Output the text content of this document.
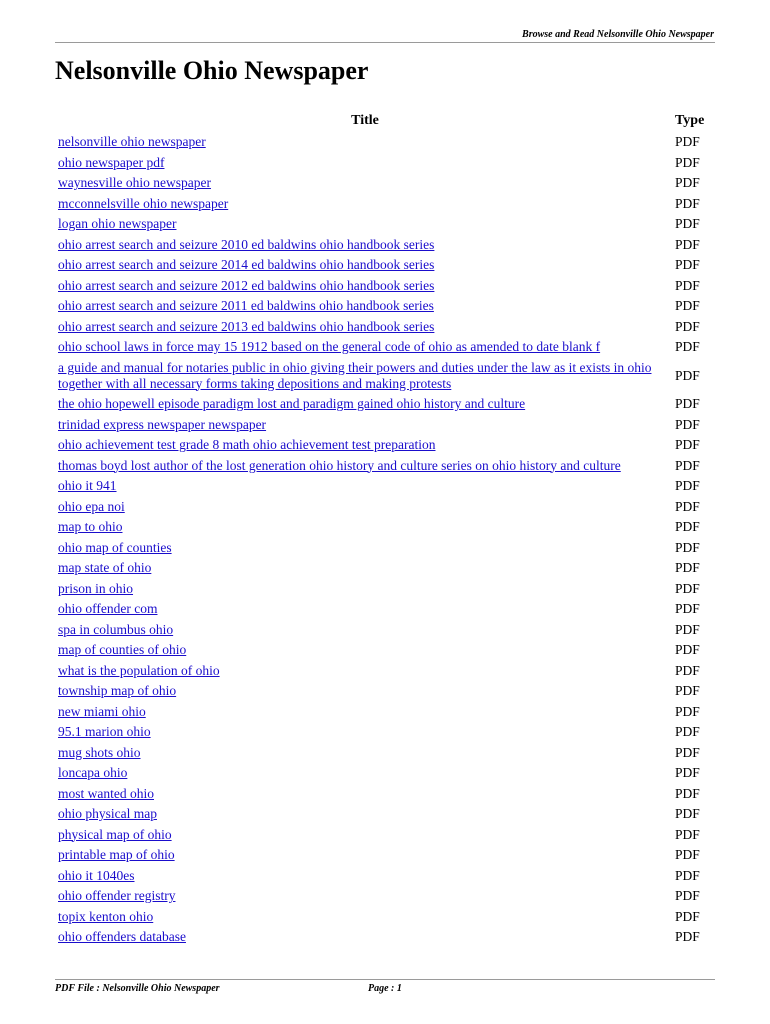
Browse and Read Nelsonville Ohio Newspaper
Nelsonville Ohio Newspaper
Title	Type
nelsonville ohio newspaper	PDF
ohio newspaper pdf	PDF
waynesville ohio newspaper	PDF
mcconnelsville ohio newspaper	PDF
logan ohio newspaper	PDF
ohio arrest search and seizure 2010 ed baldwins ohio handbook series	PDF
ohio arrest search and seizure 2014 ed baldwins ohio handbook series	PDF
ohio arrest search and seizure 2012 ed baldwins ohio handbook series	PDF
ohio arrest search and seizure 2011 ed baldwins ohio handbook series	PDF
ohio arrest search and seizure 2013 ed baldwins ohio handbook series	PDF
ohio school laws in force may 15 1912 based on the general code of ohio as amended to date blank f	PDF
a guide and manual for notaries public in ohio giving their powers and duties under the law as it exists in ohio together with all necessary forms taking depositions and making protests	PDF
the ohio hopewell episode paradigm lost and paradigm gained ohio history and culture	PDF
trinidad express newspaper newspaper	PDF
ohio achievement test grade 8 math ohio achievement test preparation	PDF
thomas boyd lost author of the lost generation ohio history and culture series on ohio history and culture	PDF
ohio it 941	PDF
ohio epa noi	PDF
map to ohio	PDF
ohio map of counties	PDF
map state of ohio	PDF
prison in ohio	PDF
ohio offender com	PDF
spa in columbus ohio	PDF
map of counties of ohio	PDF
what is the population of ohio	PDF
township map of ohio	PDF
new miami ohio	PDF
95.1 marion ohio	PDF
mug shots ohio	PDF
loncapa ohio	PDF
most wanted ohio	PDF
ohio physical map	PDF
physical map of ohio	PDF
printable map of ohio	PDF
ohio it 1040es	PDF
ohio offender registry	PDF
topix kenton ohio	PDF
ohio offenders database	PDF
PDF File : Nelsonville Ohio Newspaper	Page : 1
